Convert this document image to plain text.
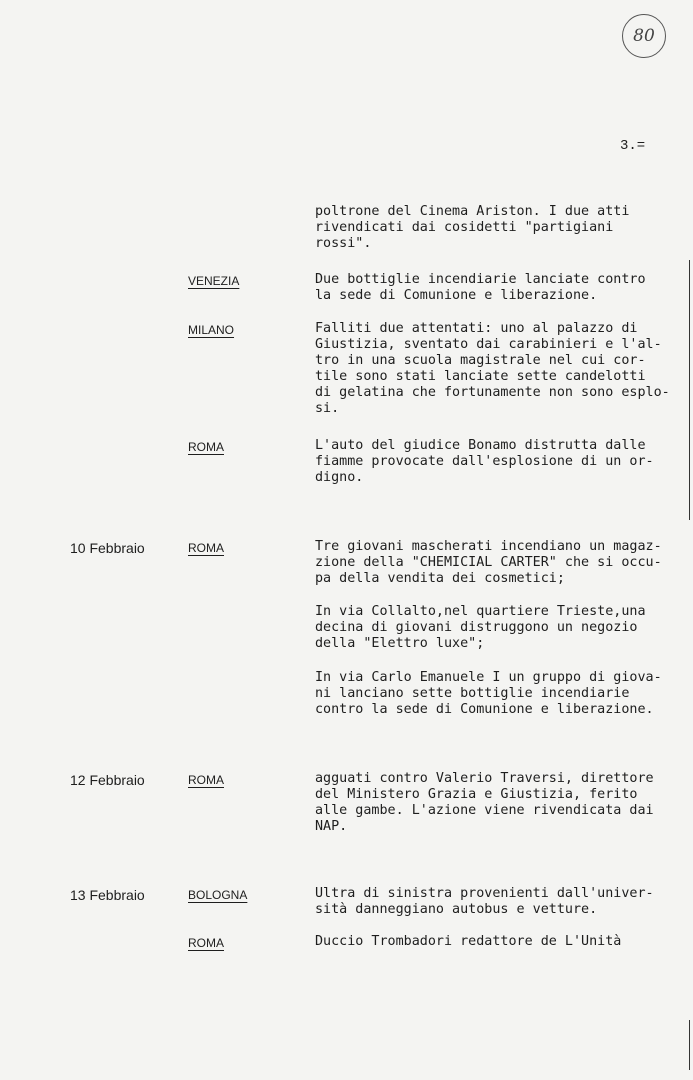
80
3.=
poltrone del Cinema Ariston. I due atti
rivendicati dai cosidetti "partigiani
rossi".
VENEZIA	Due bottiglie incendiarie lanciate contro
la sede di Comunione e liberazione.
MILANO	Falliti due attentati: uno al palazzo di
Giustizia, sventato dai carabinieri e l'al-
tro in una scuola magistrale nel cui cor-
tile sono stati lanciate sette candelotti
di gelatina che fortunamente non sono esplo-
si.
ROMA	L'auto del giudice Bonamo distrutta dalle
fiamme provocate dall'esplosione di un or-
digno.
10 Febbraio	ROMA	Tre giovani mascherati incendiano un magaz-
zione della "CHEMICIAL CARTER" che si occu-
pa della vendita dei cosmetici;
In via Collalto,nel quartiere Trieste,una
decina di giovani distruggono un negozio
della "Elettro luxe";
In via Carlo Emanuele I un gruppo di giova-
ni lanciano sette bottiglie incendiarie
contro la sede di Comunione e liberazione.
12 Febbraio	ROMA	agguati contro Valerio Traversi, direttore
del Ministero Grazia e Giustizia, ferito
alle gambe. L'azione viene rivendicata dai
NAP.
13 Febbraio	BOLOGNA	Ultra di sinistra provenienti dall'univer-
sità danneggiano autobus e vetture.
ROMA	Duccio Trombadori redattore de L'Unità
